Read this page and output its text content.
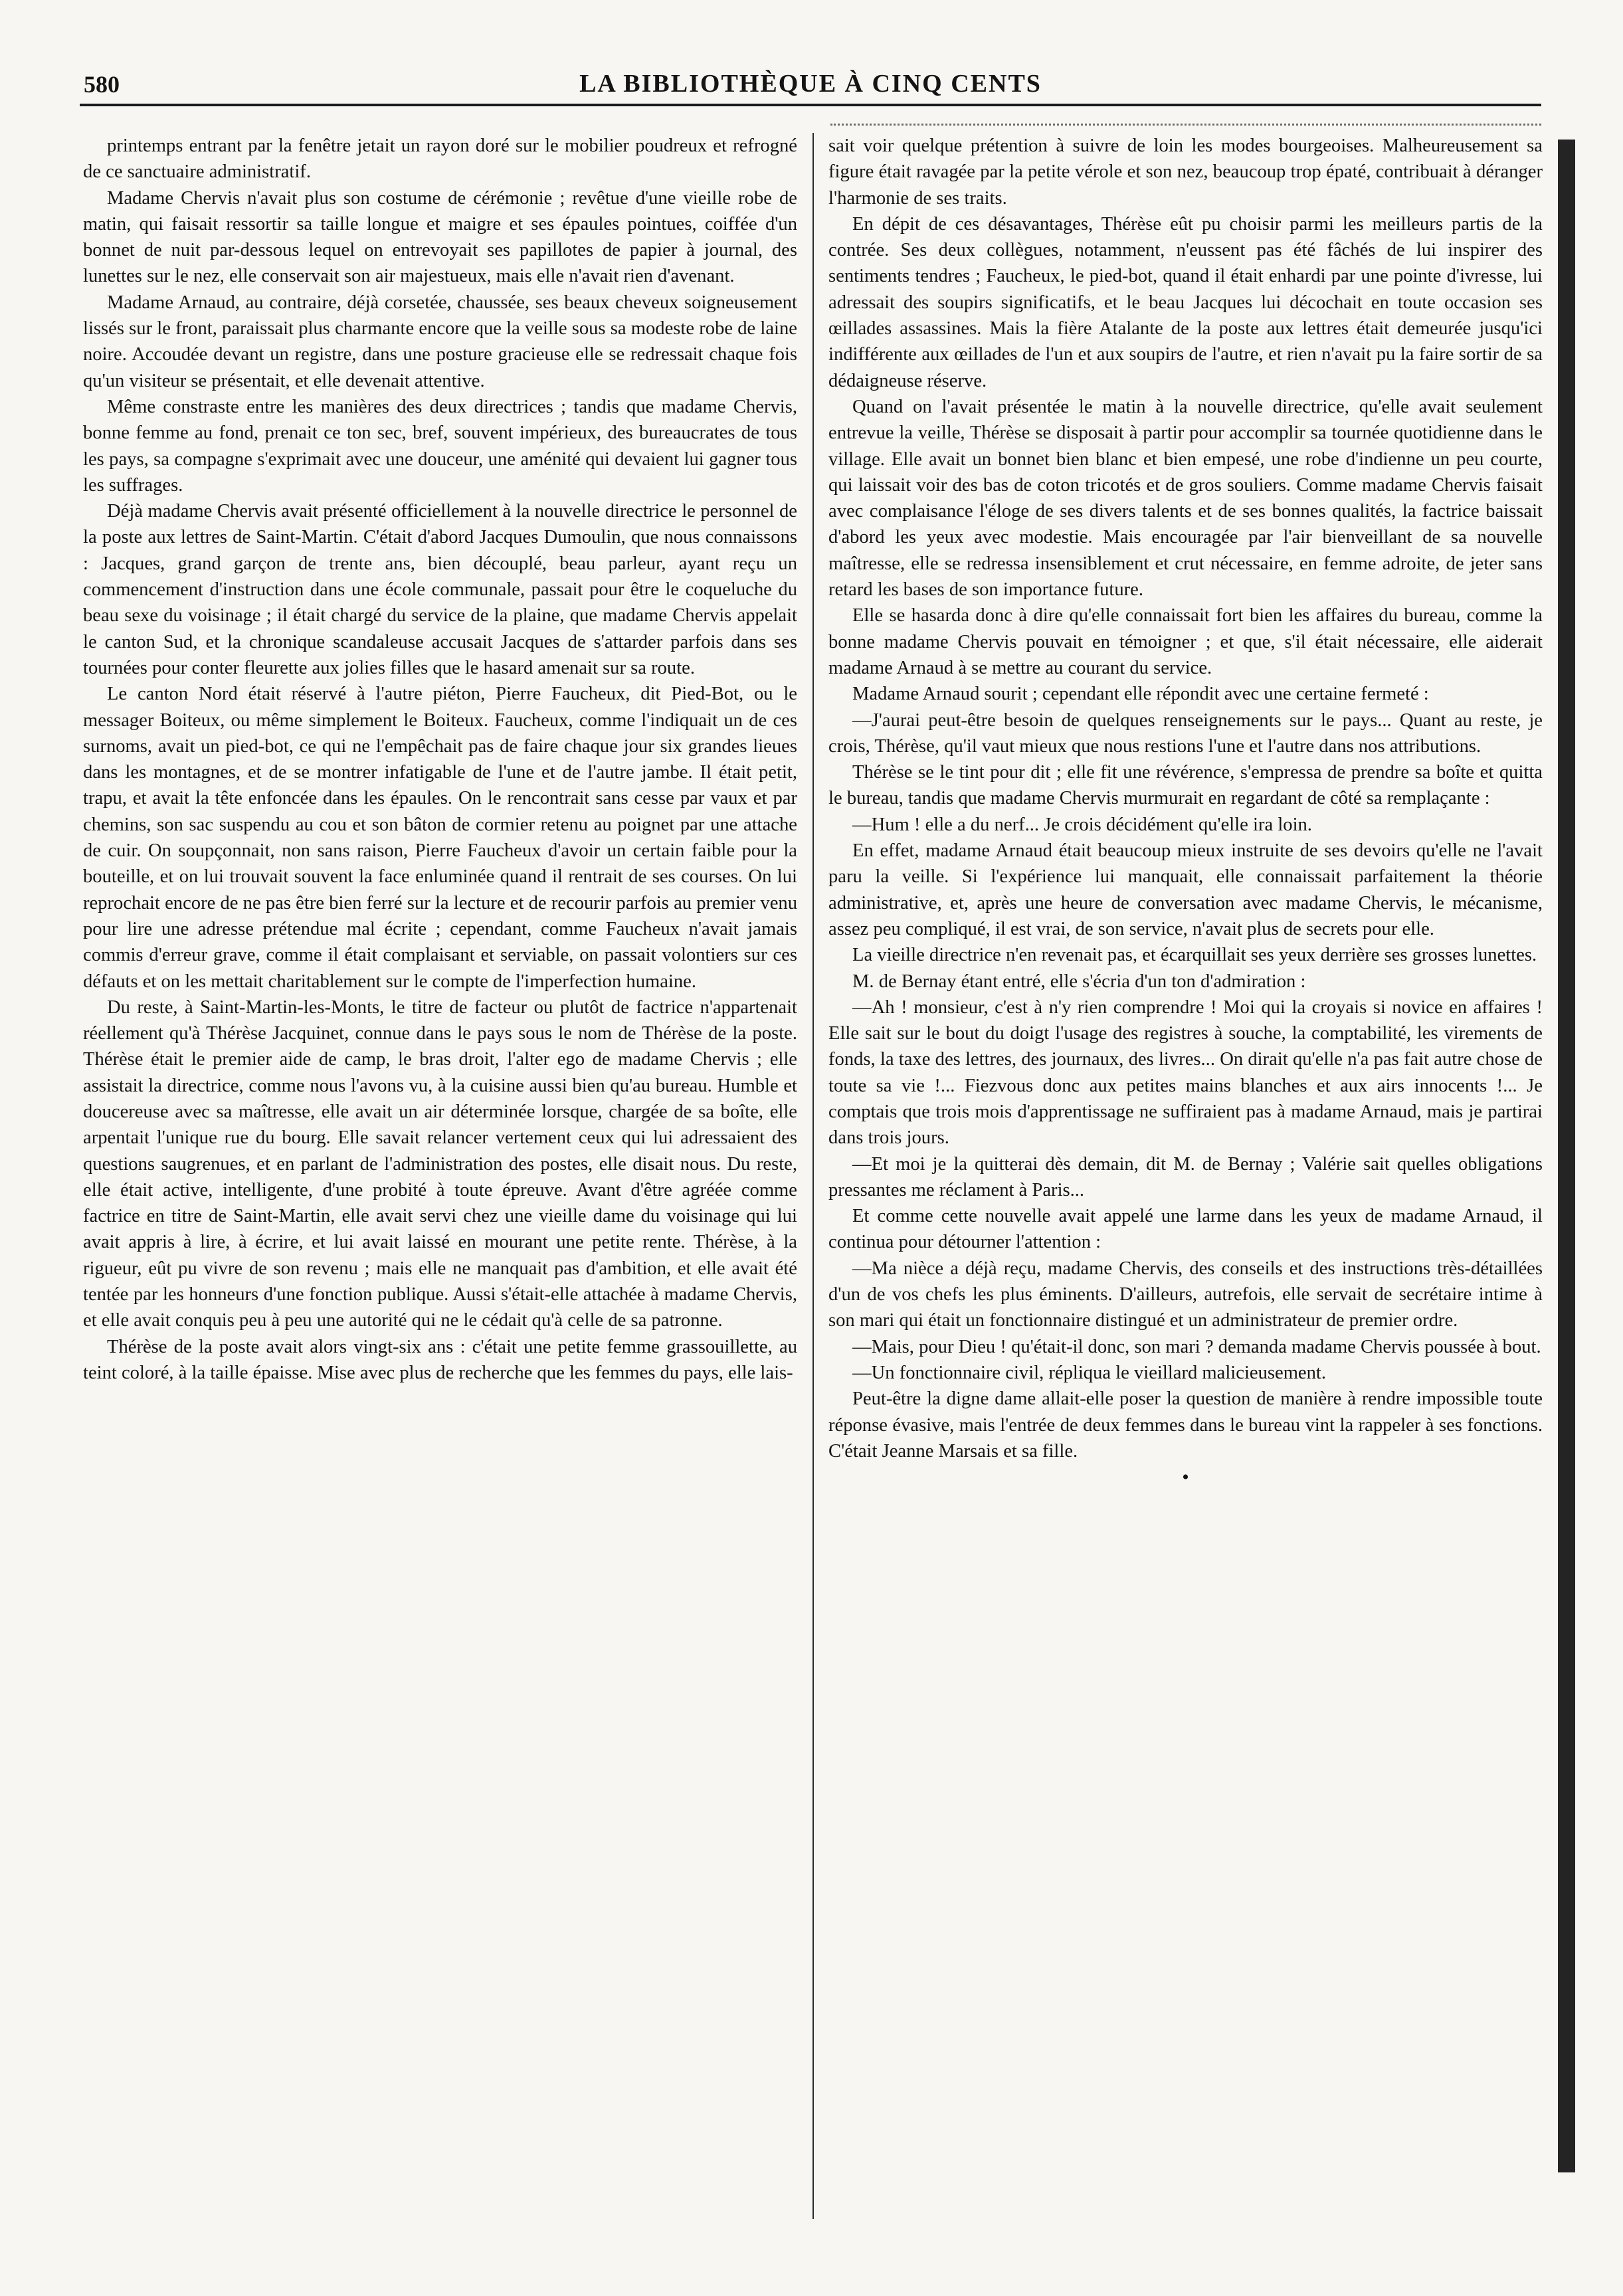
580	LA BIBLIOTHÈQUE À CINQ CENTS

printemps entrant par la fenêtre jetait un rayon doré sur le mobilier poudreux et refrogné de ce sanctuaire administratif.

Madame Chervis n'avait plus son costume de cérémonie ; revêtue d'une vieille robe de matin, qui faisait ressortir sa taille longue et maigre et ses épaules pointues, coiffée d'un bonnet de nuit par-dessous lequel on entrevoyait ses papillotes de papier à journal, des lunettes sur le nez, elle conservait son air majestueux, mais elle n'avait rien d'avenant.

Madame Arnaud, au contraire, déjà corsetée, chaussée, ses beaux cheveux soigneusement lissés sur le front, paraissait plus charmante encore que la veille sous sa modeste robe de laine noire. Accoudée devant un registre, dans une posture gracieuse elle se redressait chaque fois qu'un visiteur se présentait, et elle devenait attentive.

Même constraste entre les manières des deux directrices ; tandis que madame Chervis, bonne femme au fond, prenait ce ton sec, bref, souvent impérieux, des bureaucrates de tous les pays, sa compagne s'exprimait avec une douceur, une aménité qui devaient lui gagner tous les suffrages.

Déjà madame Chervis avait présenté officiellement à la nouvelle directrice le personnel de la poste aux lettres de Saint-Martin. C'était d'abord Jacques Dumoulin, que nous connaissons : Jacques, grand garçon de trente ans, bien découplé, beau parleur, ayant reçu un commencement d'instruction dans une école communale, passait pour être le coqueluche du beau sexe du voisinage ; il était chargé du service de la plaine, que madame Chervis appelait le canton Sud, et la chronique scandaleuse accusait Jacques de s'attarder parfois dans ses tournées pour conter fleurette aux jolies filles que le hasard amenait sur sa route.

Le canton Nord était réservé à l'autre piéton, Pierre Faucheux, dit Pied-Bot, ou le messager Boiteux, ou même simplement le Boiteux. Faucheux, comme l'indiquait un de ces surnoms, avait un pied-bot, ce qui ne l'empêchait pas de faire chaque jour six grandes lieues dans les montagnes, et de se montrer infatigable de l'une et de l'autre jambe. Il était petit, trapu, et avait la tête enfoncée dans les épaules. On le rencontrait sans cesse par vaux et par chemins, son sac suspendu au cou et son bâton de cormier retenu au poignet par une attache de cuir. On soupçonnait, non sans raison, Pierre Faucheux d'avoir un certain faible pour la bouteille, et on lui trouvait souvent la face enluminée quand il rentrait de ses courses. On lui reprochait encore de ne pas être bien ferré sur la lecture et de recourir parfois au premier venu pour lire une adresse prétendue mal écrite ; cependant, comme Faucheux n'avait jamais commis d'erreur grave, comme il était complaisant et serviable, on passait volontiers sur ces défauts et on les mettait charitablement sur le compte de l'imperfection humaine.

Du reste, à Saint-Martin-les-Monts, le titre de facteur ou plutôt de factrice n'appartenait réellement qu'à Thérèse Jacquinet, connue dans le pays sous le nom de Thérèse de la poste. Thérèse était le premier aide de camp, le bras droit, l'alter ego de madame Chervis ; elle assistait la directrice, comme nous l'avons vu, à la cuisine aussi bien qu'au bureau. Humble et doucereuse avec sa maîtresse, elle avait un air déterminée lorsque, chargée de sa boîte, elle arpentait l'unique rue du bourg. Elle savait relancer vertement ceux qui lui adressaient des questions saugrenues, et en parlant de l'administration des postes, elle disait nous. Du reste, elle était active, intelligente, d'une probité à toute épreuve. Avant d'être agréée comme factrice en titre de Saint-Martin, elle avait servi chez une vieille dame du voisinage qui lui avait appris à lire, à écrire, et lui avait laissé en mourant une petite rente. Thérèse, à la rigueur, eût pu vivre de son revenu ; mais elle ne manquait pas d'ambition, et elle avait été tentée par les honneurs d'une fonction publique. Aussi s'était-elle attachée à madame Chervis, et elle avait conquis peu à peu une autorité qui ne le cédait qu'à celle de sa patronne.

Thérèse de la poste avait alors vingt-six ans : c'était une petite femme grassouillette, au teint coloré, à la taille épaisse. Mise avec plus de recherche que les femmes du pays, elle lais-

sait voir quelque prétention à suivre de loin les modes bourgeoises. Malheureusement sa figure était ravagée par la petite vérole et son nez, beaucoup trop épaté, contribuait à déranger l'harmonie de ses traits.

En dépit de ces désavantages, Thérèse eût pu choisir parmi les meilleurs partis de la contrée. Ses deux collègues, notamment, n'eussent pas été fâchés de lui inspirer des sentiments tendres ; Faucheux, le pied-bot, quand il était enhardi par une pointe d'ivresse, lui adressait des soupirs significatifs, et le beau Jacques lui décochait en toute occasion ses œillades assassines. Mais la fière Atalante de la poste aux lettres était demeurée jusqu'ici indifférente aux œillades de l'un et aux soupirs de l'autre, et rien n'avait pu la faire sortir de sa dédaigneuse réserve.

Quand on l'avait présentée le matin à la nouvelle directrice, qu'elle avait seulement entrevue la veille, Thérèse se disposait à partir pour accomplir sa tournée quotidienne dans le village. Elle avait un bonnet bien blanc et bien empesé, une robe d'indienne un peu courte, qui laissait voir des bas de coton tricotés et de gros souliers. Comme madame Chervis faisait avec complaisance l'éloge de ses divers talents et de ses bonnes qualités, la factrice baissait d'abord les yeux avec modestie. Mais encouragée par l'air bienveillant de sa nouvelle maîtresse, elle se redressa insensiblement et crut nécessaire, en femme adroite, de jeter sans retard les bases de son importance future.

Elle se hasarda donc à dire qu'elle connaissait fort bien les affaires du bureau, comme la bonne madame Chervis pouvait en témoigner ; et que, s'il était nécessaire, elle aiderait madame Arnaud à se mettre au courant du service.

Madame Arnaud sourit ; cependant elle répondit avec une certaine fermeté :

—J'aurai peut-être besoin de quelques renseignements sur le pays... Quant au reste, je crois, Thérèse, qu'il vaut mieux que nous restions l'une et l'autre dans nos attributions.

Thérèse se le tint pour dit ; elle fit une révérence, s'empressa de prendre sa boîte et quitta le bureau, tandis que madame Chervis murmurait en regardant de côté sa remplaçante :

—Hum ! elle a du nerf... Je crois décidément qu'elle ira loin.

En effet, madame Arnaud était beaucoup mieux instruite de ses devoirs qu'elle ne l'avait paru la veille. Si l'expérience lui manquait, elle connaissait parfaitement la théorie administrative, et, après une heure de conversation avec madame Chervis, le mécanisme, assez peu compliqué, il est vrai, de son service, n'avait plus de secrets pour elle.

La vieille directrice n'en revenait pas, et écarquillait ses yeux derrière ses grosses lunettes.

M. de Bernay étant entré, elle s'écria d'un ton d'admiration :

—Ah ! monsieur, c'est à n'y rien comprendre ! Moi qui la croyais si novice en affaires ! Elle sait sur le bout du doigt l'usage des registres à souche, la comptabilité, les virements de fonds, la taxe des lettres, des journaux, des livres... On dirait qu'elle n'a pas fait autre chose de toute sa vie !... Fiezvous donc aux petites mains blanches et aux airs innocents !... Je comptais que trois mois d'apprentissage ne suffiraient pas à madame Arnaud, mais je partirai dans trois jours.

—Et moi je la quitterai dès demain, dit M. de Bernay ; Valérie sait quelles obligations pressantes me réclament à Paris...

Et comme cette nouvelle avait appelé une larme dans les yeux de madame Arnaud, il continua pour détourner l'attention :

—Ma nièce a déjà reçu, madame Chervis, des conseils et des instructions très-détaillées d'un de vos chefs les plus éminents. D'ailleurs, autrefois, elle servait de secrétaire intime à son mari qui était un fonctionnaire distingué et un administrateur de premier ordre.

—Mais, pour Dieu ! qu'était-il donc, son mari ? demanda madame Chervis poussée à bout.

—Un fonctionnaire civil, répliqua le vieillard malicieusement.

Peut-être la digne dame allait-elle poser la question de manière à rendre impossible toute réponse évasive, mais l'entrée de deux femmes dans le bureau vint la rappeler à ses fonctions. C'était Jeanne Marsais et sa fille.

•
